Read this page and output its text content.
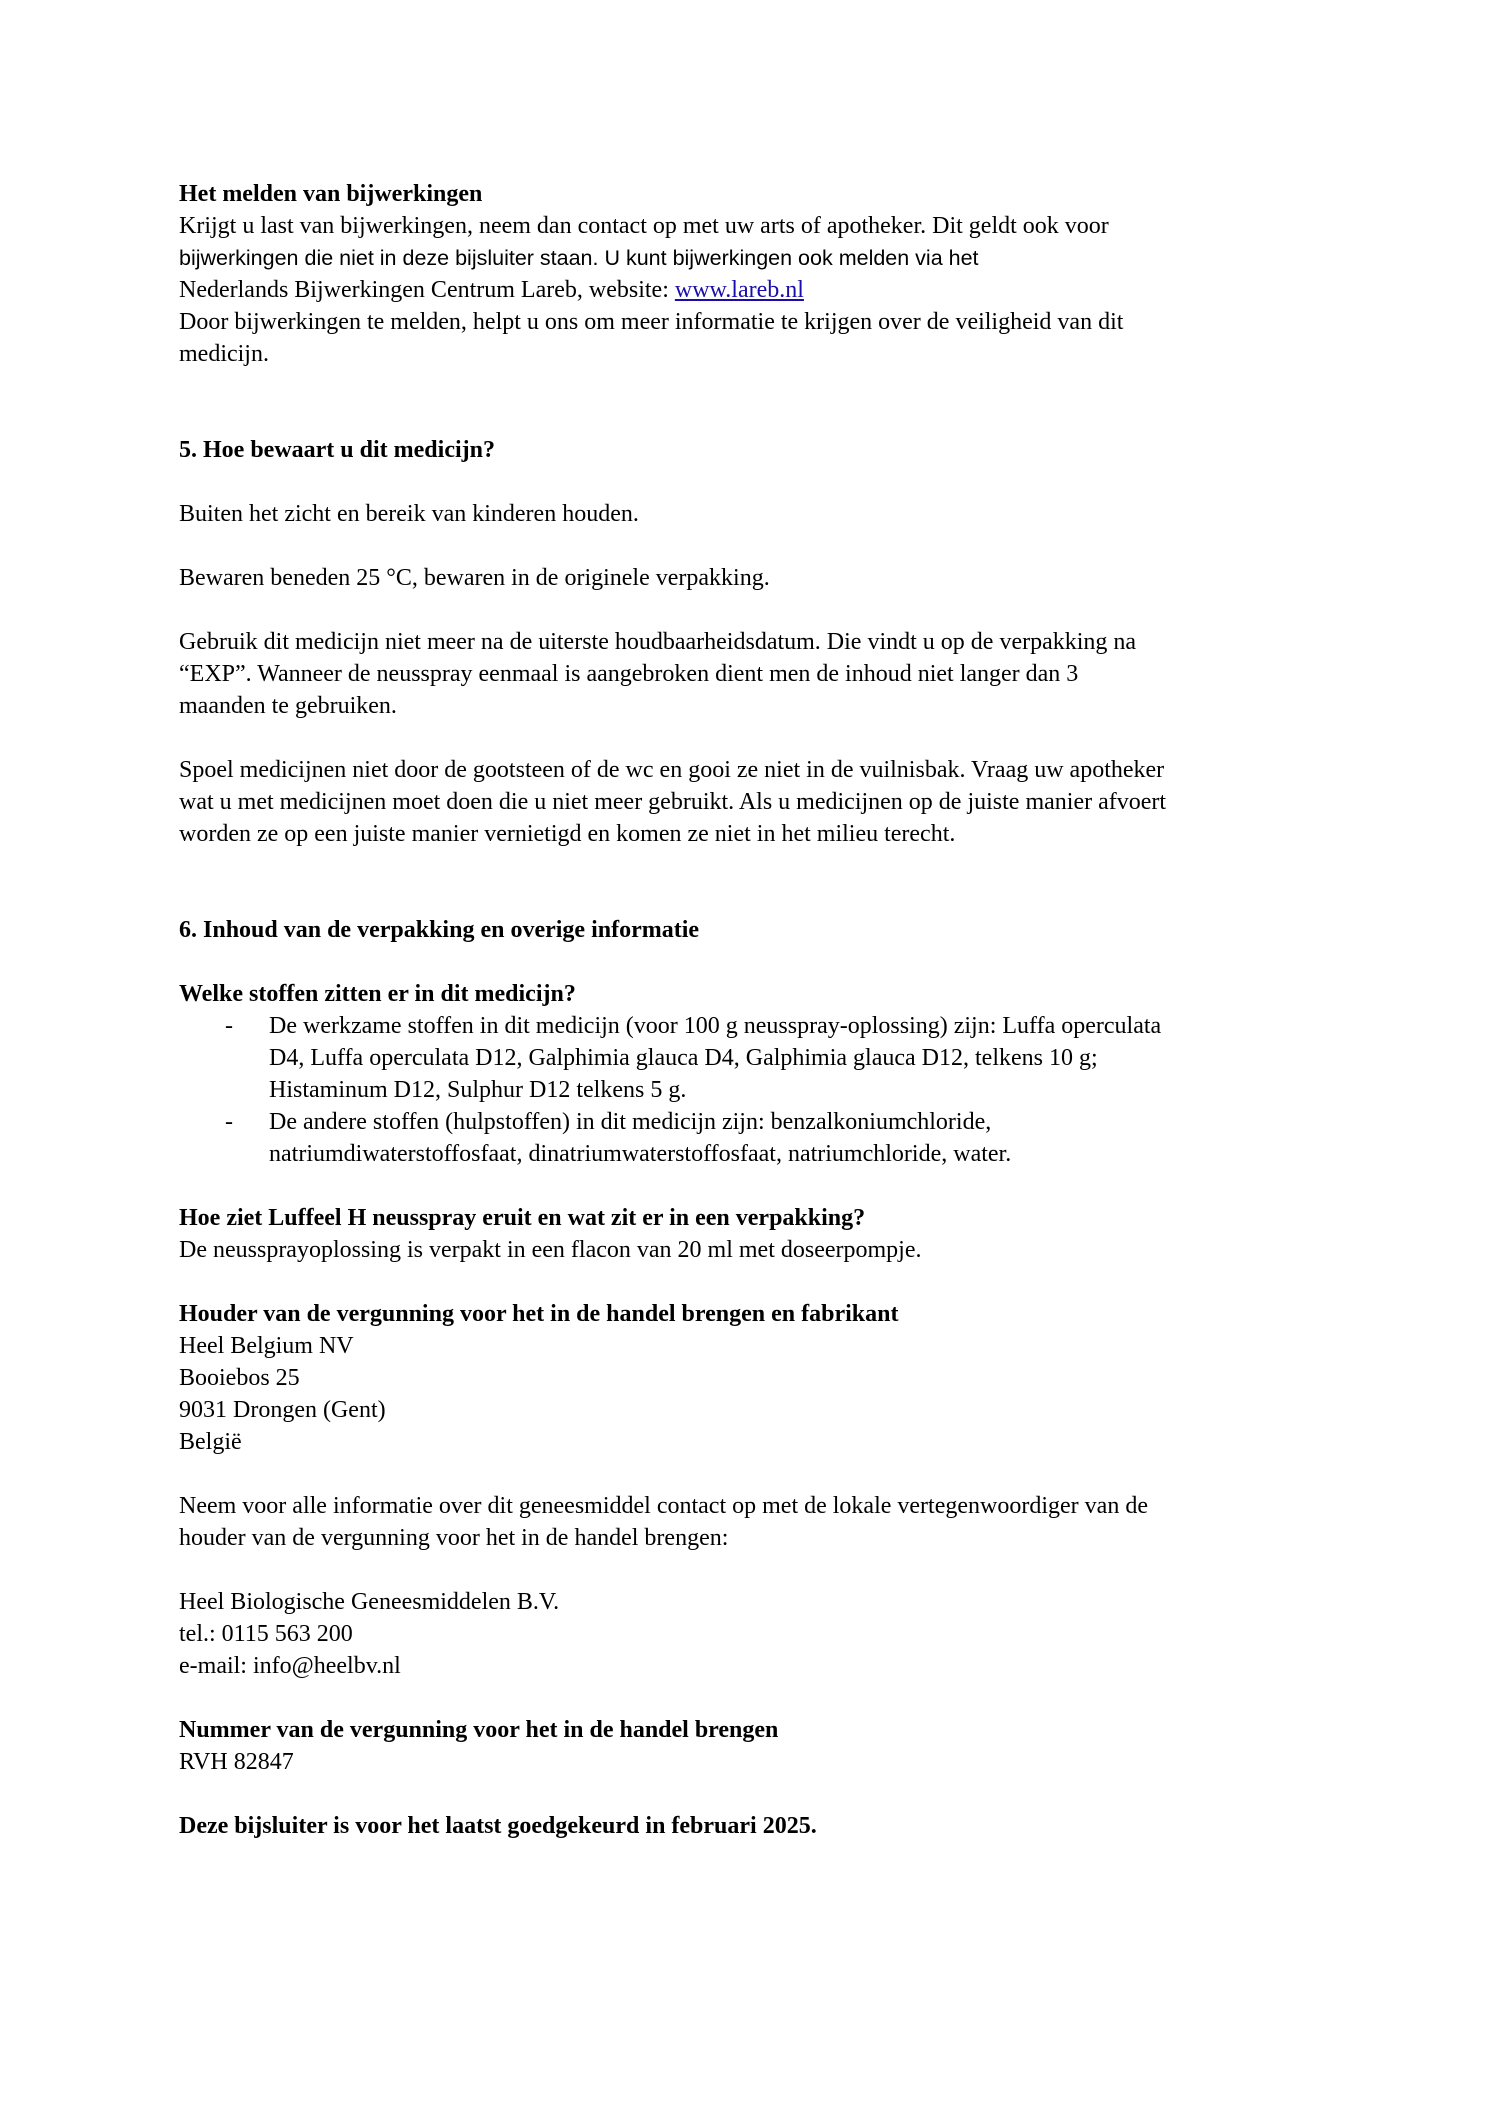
Het melden van bijwerkingen

Krijgt u last van bijwerkingen, neem dan contact op met uw arts of apotheker. Dit geldt ook voor

bijwerkingen die niet in deze bijsluiter staan. U kunt bijwerkingen ook melden via het

Nederlands Bijwerkingen Centrum Lareb, website: www.lareb.nl

Door bijwerkingen te melden, helpt u ons om meer informatie te krijgen over de veiligheid van dit

medicijn.

5. Hoe bewaart u dit medicijn?

Buiten het zicht en bereik van kinderen houden.

Bewaren beneden 25 °C, bewaren in de originele verpakking.

Gebruik dit medicijn niet meer na de uiterste houdbaarheidsdatum. Die vindt u op de verpakking na

“EXP”. Wanneer de neusspray eenmaal is aangebroken dient men de inhoud niet langer dan 3

maanden te gebruiken.

Spoel medicijnen niet door de gootsteen of de wc en gooi ze niet in de vuilnisbak. Vraag uw apotheker

wat u met medicijnen moet doen die u niet meer gebruikt. Als u medicijnen op de juiste manier afvoert

worden ze op een juiste manier vernietigd en komen ze niet in het milieu terecht.

6. Inhoud van de verpakking en overige informatie

Welke stoffen zitten er in dit medicijn?

- De werkzame stoffen in dit medicijn (voor 100 g neusspray-oplossing) zijn: Luffa operculata
D4, Luffa operculata D12, Galphimia glauca D4, Galphimia glauca D12, telkens 10 g;
Histaminum D12, Sulphur D12 telkens 5 g.
- De andere stoffen (hulpstoffen) in dit medicijn zijn: benzalkoniumchloride,
natriumdiwaterstoffosfaat, dinatriumwaterstoffosfaat, natriumchloride, water.

Hoe ziet Luffeel H neusspray eruit en wat zit er in een verpakking?

De neussprayoplossing is verpakt in een flacon van 20 ml met doseerpompje.

Houder van de vergunning voor het in de handel brengen en fabrikant

Heel Belgium NV

Booiebos 25

9031 Drongen (Gent)

België

Neem voor alle informatie over dit geneesmiddel contact op met de lokale vertegenwoordiger van de

houder van de vergunning voor het in de handel brengen:

Heel Biologische Geneesmiddelen B.V.

tel.: 0115 563 200

e-mail: info@heelbv.nl

Nummer van de vergunning voor het in de handel brengen

RVH 82847

Deze bijsluiter is voor het laatst goedgekeurd in februari 2025.
